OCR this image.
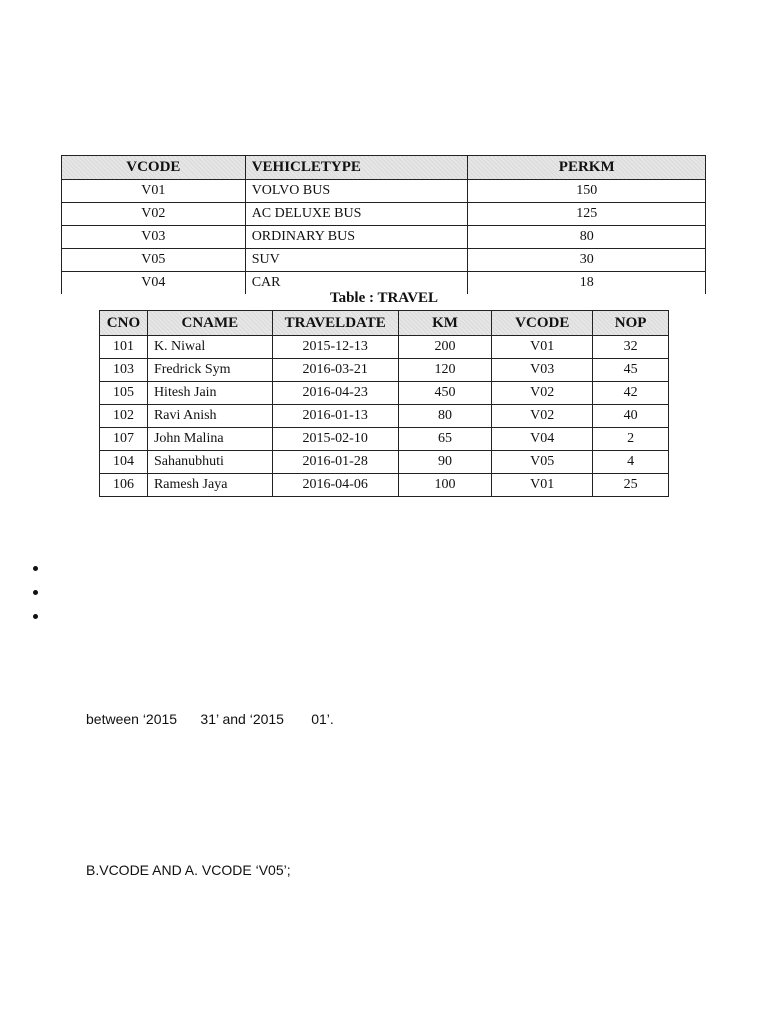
VCODE	VEHICLETYPE	PERKM
V01	VOLVO BUS	150
V02	AC DELUXE BUS	125
V03	ORDINARY BUS	80
V05	SUV	30
V04	CAR	18
Table : TRAVEL
CNO	CNAME	TRAVELDATE	KM	VCODE	NOP
101	K. Niwal	2015-12-13	200	V01	32
103	Fredrick Sym	2016-03-21	120	V03	45
105	Hitesh Jain	2016-04-23	450	V02	42
102	Ravi Anish	2016-01-13	80	V02	40
107	John Malina	2015-02-10	65	V04	2
104	Sahanubhuti	2016-01-28	90	V05	4
106	Ramesh Jaya	2016-04-06	100	V01	25
between ‘2015      31’ and ‘2015       01’.
B.VCODE AND A. VCODE ‘V05’;
